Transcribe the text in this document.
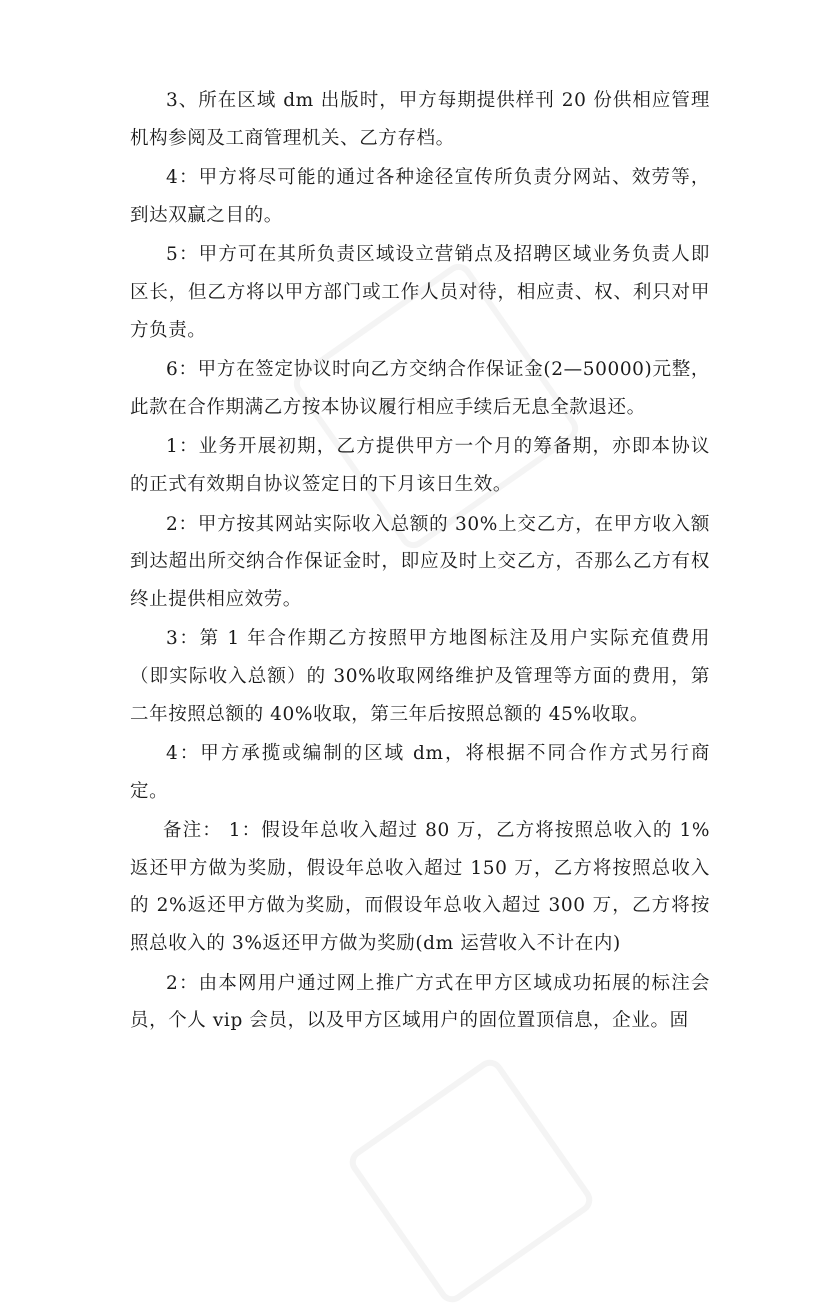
3、所在区域 dm 出版时，甲方每期提供样刊 20 份供相应管理机构参阅及工商管理机关、乙方存档。

4：甲方将尽可能的通过各种途径宣传所负责分网站、效劳等，到达双赢之目的。

5：甲方可在其所负责区域设立营销点及招聘区域业务负责人即区长，但乙方将以甲方部门或工作人员对待，相应责、权、利只对甲方负责。

6：甲方在签定协议时向乙方交纳合作保证金(2—50000)元整，此款在合作期满乙方按本协议履行相应手续后无息全款退还。

1：业务开展初期，乙方提供甲方一个月的筹备期，亦即本协议的正式有效期自协议签定日的下月该日生效。

2：甲方按其网站实际收入总额的 30%上交乙方，在甲方收入额到达超出所交纳合作保证金时，即应及时上交乙方，否那么乙方有权终止提供相应效劳。

3：第 1 年合作期乙方按照甲方地图标注及用户实际充值费用（即实际收入总额）的 30%收取网络维护及管理等方面的费用，第二年按照总额的 40%收取，第三年后按照总额的 45%收取。

4：甲方承揽或编制的区域 dm，将根据不同合作方式另行商定。

备注： 1：假设年总收入超过 80 万，乙方将按照总收入的 1%返还甲方做为奖励，假设年总收入超过 150 万，乙方将按照总收入的 2%返还甲方做为奖励，而假设年总收入超过 300 万，乙方将按照总收入的 3%返还甲方做为奖励(dm 运营收入不计在内)

2：由本网用户通过网上推广方式在甲方区域成功拓展的标注会员，个人 vip 会员，以及甲方区域用户的固位置顶信息，企业。固
